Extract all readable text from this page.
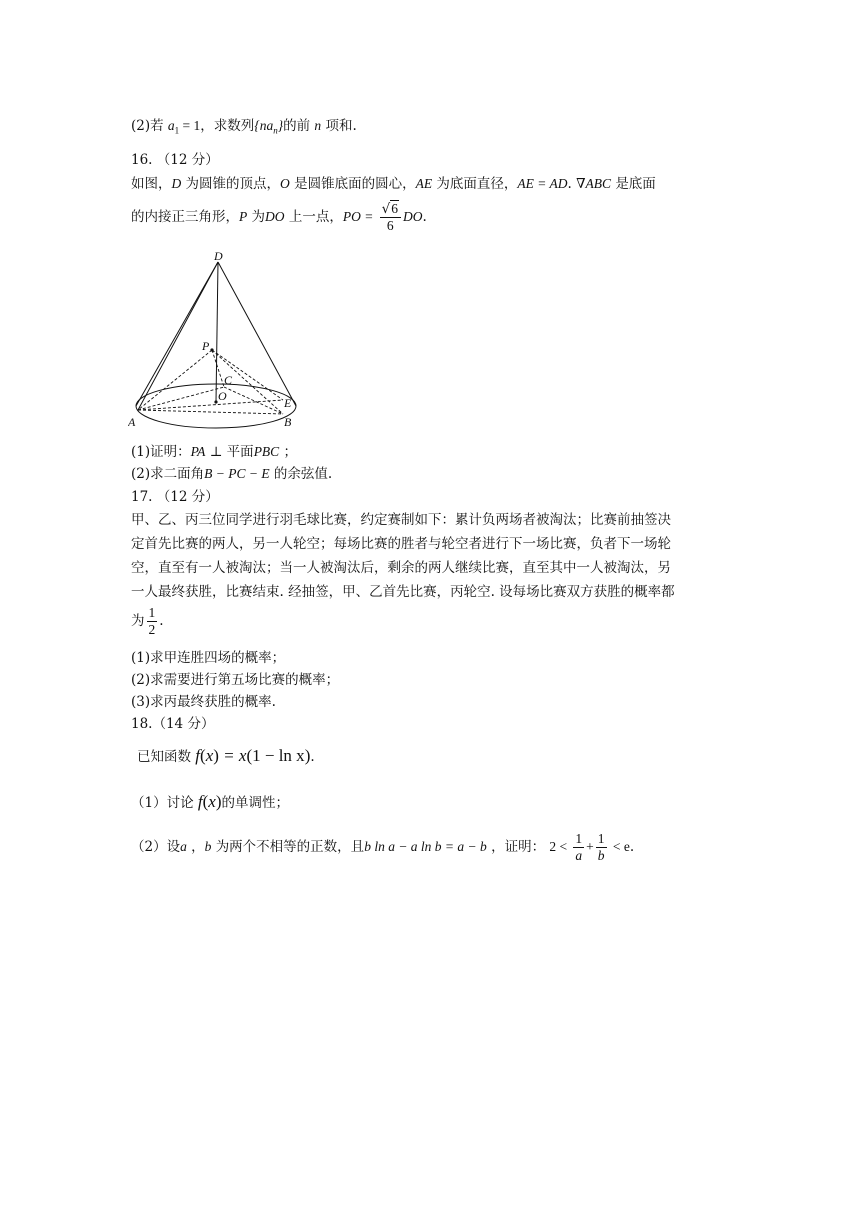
(2)若 $a_1 = 1$，求数列$\{na_n\}$的前 n 项和.
16. （12 分）
如图，D 为圆锥的顶点，O 是圆锥底面的圆心，AE 为底面直径，AE = AD. ∇ABC 是底面
的内接正三角形，P 为DO 上一点，PO = $\frac{√6}{6}$ DO.
D
P
C
O	E
A	B
(1)证明：PA ⊥ 平面PBC ；
(2)求二面角B − PC − E 的余弦值.
17. （12 分）
甲、乙、丙三位同学进行羽毛球比赛，约定赛制如下：累计负两场者被淘汰；比赛前抽签决
定首先比赛的两人，另一人轮空；每场比赛的胜者与轮空者进行下一场比赛，负者下一场轮
空，直至有一人被淘汰；当一人被淘汰后，剩余的两人继续比赛，直至其中一人被淘汰，另
一人最终获胜，比赛结束. 经抽签，甲、乙首先比赛，丙轮空. 设每场比赛双方获胜的概率都
为 $\frac{1}{2}$ .
(1)求甲连胜四场的概率；
(2)求需要进行第五场比赛的概率；
(3)求丙最终获胜的概率.
18.（14 分）
已知函数 f(x) = x(1 − ln x).
（1）讨论 f(x)的单调性；
（2）设a ，b 为两个不相等的正数，且b ln a − a ln b = a − b ，证明： $2 < \frac{1}{a} + \frac{1}{b} < e$.
